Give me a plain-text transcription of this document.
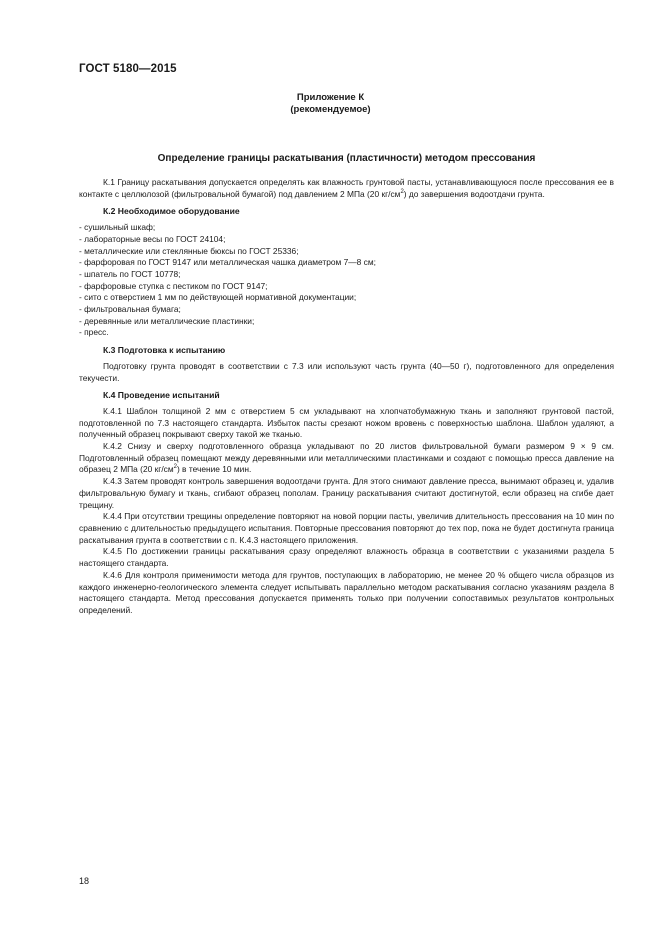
ГОСТ 5180—2015
Приложение К
(рекомендуемое)
Определение границы раскатывания (пластичности) методом прессования

К.1 Границу раскатывания допускается определять как влажность грунтовой пасты, устанавливающуюся после прессования ее в контакте с целлюлозой (фильтровальной бумагой) под давлением 2 МПа (20 $кг/см^2$) до завершения водоотдачи грунта.

К.2 Необходимое оборудование
- сушильный шкаф;
- лабораторные весы по ГОСТ 24104;
- металлические или стеклянные бюксы по ГОСТ 25336;
- фарфоровая по ГОСТ 9147 или металлическая чашка диаметром 7—8 см;
- шпатель по ГОСТ 10778;
- фарфоровые ступка с пестиком по ГОСТ 9147;
- сито с отверстием 1 мм по действующей нормативной документации;
- фильтровальная бумага;
- деревянные или металлические пластинки;
- пресс.
К.3 Подготовка к испытанию

Подготовку грунта проводят в соответствии с 7.3 или используют часть грунта (40—50 г), подготовленного для определения текучести.

К.4 Проведение испытаний

К.4.1 Шаблон толщиной 2 мм с отверстием 5 см укладывают на хлопчатобумажную ткань и заполняют грунтовой пастой, подготовленной по 7.3 настоящего стандарта. Избыток пасты срезают ножом вровень с поверхностью шаблона. Шаблон удаляют, а полученный образец покрывают сверху такой же тканью.

К.4.2 Снизу и сверху подготовленного образца укладывают по 20 листов фильтровальной бумаги размером 9 × 9 см. Подготовленный образец помещают между деревянными или металлическими пластинками и создают с помощью пресса давление на образец 2 МПа (20 $кг/см^2$) в течение 10 мин.

К.4.3 Затем проводят контроль завершения водоотдачи грунта. Для этого снимают давление пресса, вынимают образец и, удалив фильтровальную бумагу и ткань, сгибают образец пополам. Границу раскатывания считают достигнутой, если образец на сгибе дает трещину.

К.4.4 При отсутствии трещины определение повторяют на новой порции пасты, увеличив длительность прессования на 10 мин по сравнению с длительностью предыдущего испытания. Повторные прессования повторяют до тех пор, пока не будет достигнута граница раскатывания грунта в соответствии с п. К.4.3 настоящего приложения.

К.4.5 По достижении границы раскатывания сразу определяют влажность образца в соответствии с указаниями раздела 5 настоящего стандарта.

К.4.6 Для контроля применимости метода для грунтов, поступающих в лабораторию, не менее 20 % общего числа образцов из каждого инженерно-геологического элемента следует испытывать параллельно методом раскатывания согласно указаниям раздела 8 настоящего стандарта. Метод прессования допускается применять только при получении сопоставимых результатов контрольных определений.

18
